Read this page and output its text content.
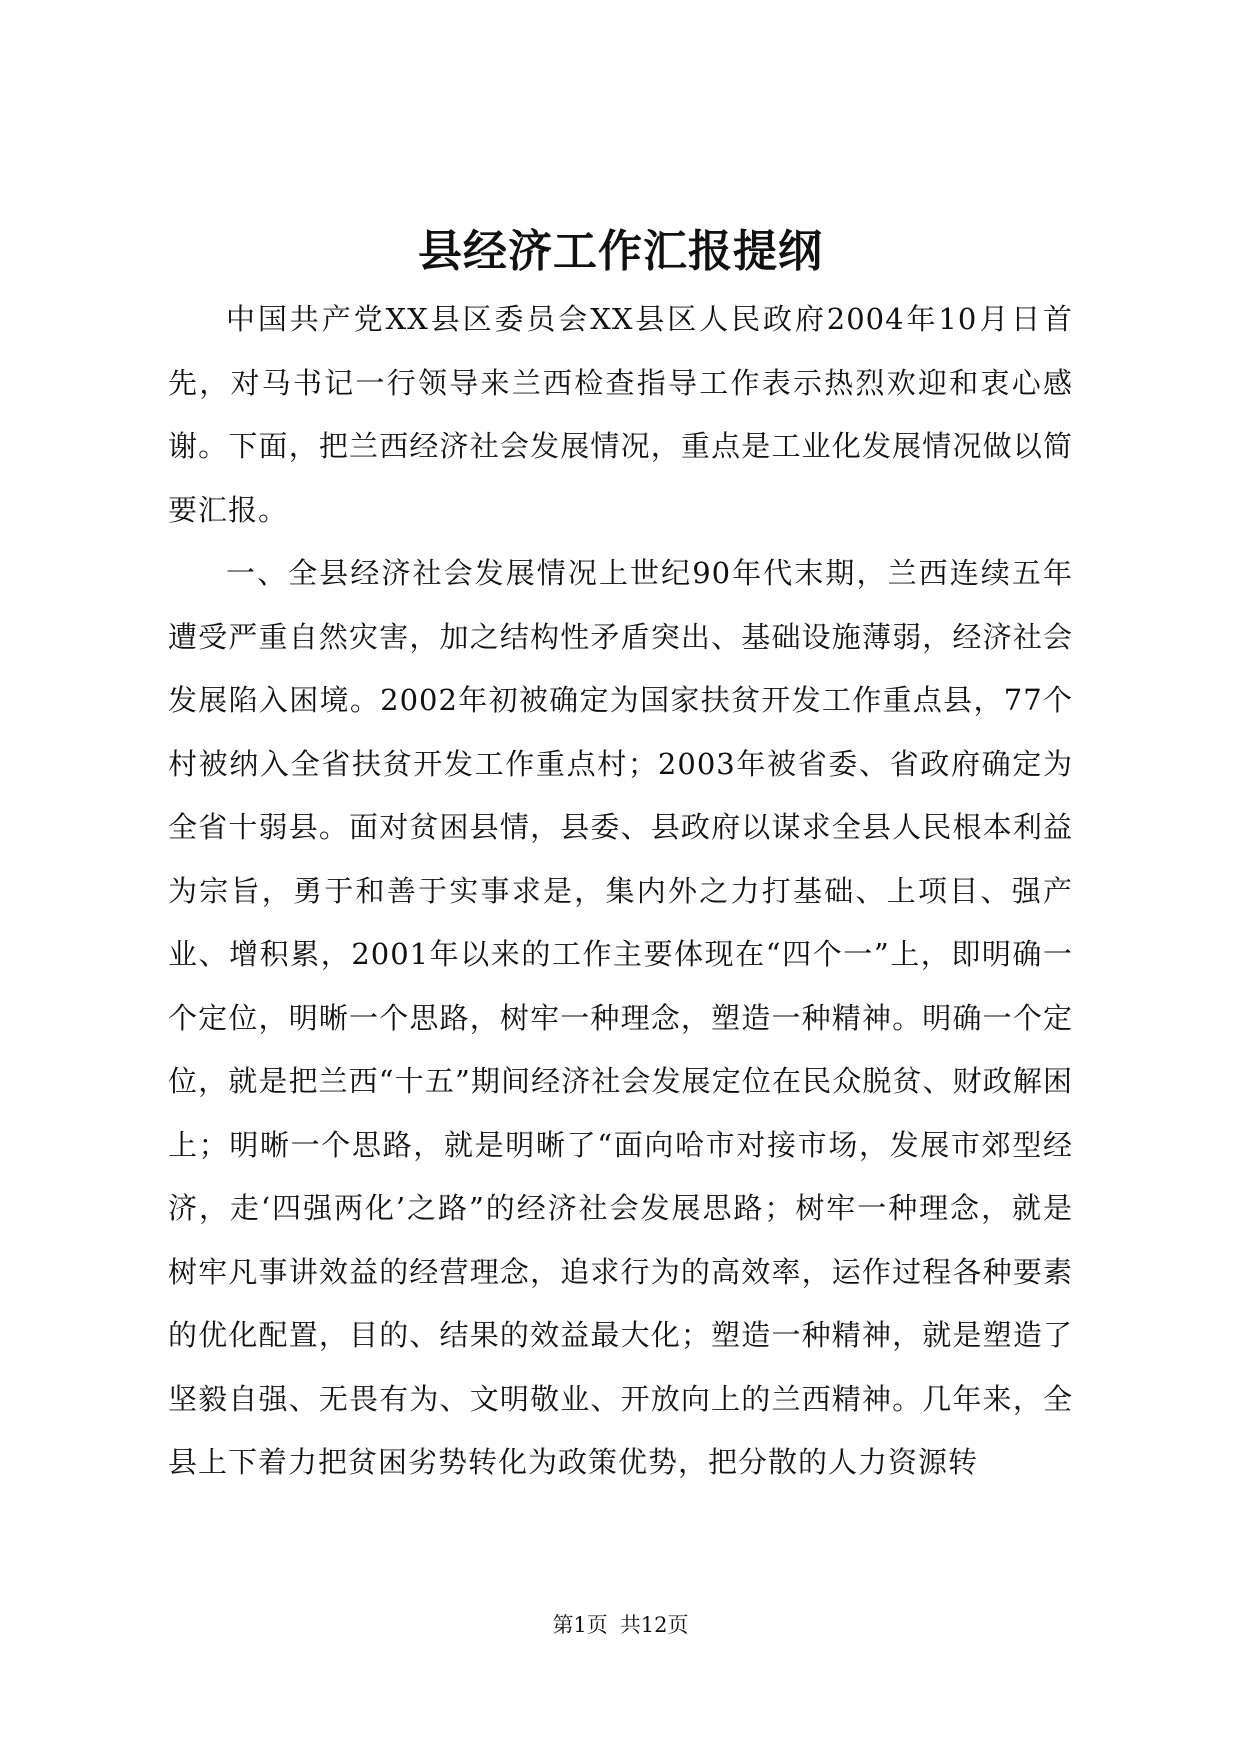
县经济工作汇报提纲

中国共产党XX县区委员会XX县区人民政府2004年10月日首先，对马书记一行领导来兰西检查指导工作表示热烈欢迎和衷心感谢。下面，把兰西经济社会发展情况，重点是工业化发展情况做以简要汇报。

一、全县经济社会发展情况上世纪90年代末期，兰西连续五年遭受严重自然灾害，加之结构性矛盾突出、基础设施薄弱，经济社会发展陷入困境。2002年初被确定为国家扶贫开发工作重点县，77个村被纳入全省扶贫开发工作重点村；2003年被省委、省政府确定为全省十弱县。面对贫困县情，县委、县政府以谋求全县人民根本利益为宗旨，勇于和善于实事求是，集内外之力打基础、上项目、强产业、增积累，2001年以来的工作主要体现在“四个一”上，即明确一个定位，明晰一个思路，树牢一种理念，塑造一种精神。明确一个定位，就是把兰西“十五”期间经济社会发展定位在民众脱贫、财政解困上；明晰一个思路，就是明晰了“面向哈市对接市场，发展市郊型经济，走‘四强两化’之路”的经济社会发展思路；树牢一种理念，就是树牢凡事讲效益的经营理念，追求行为的高效率，运作过程各种要素的优化配置，目的、结果的效益最大化；塑造一种精神，就是塑造了坚毅自强、无畏有为、文明敬业、开放向上的兰西精神。几年来，全县上下着力把贫困劣势转化为政策优势，把分散的人力资源转

第1页 共12页
